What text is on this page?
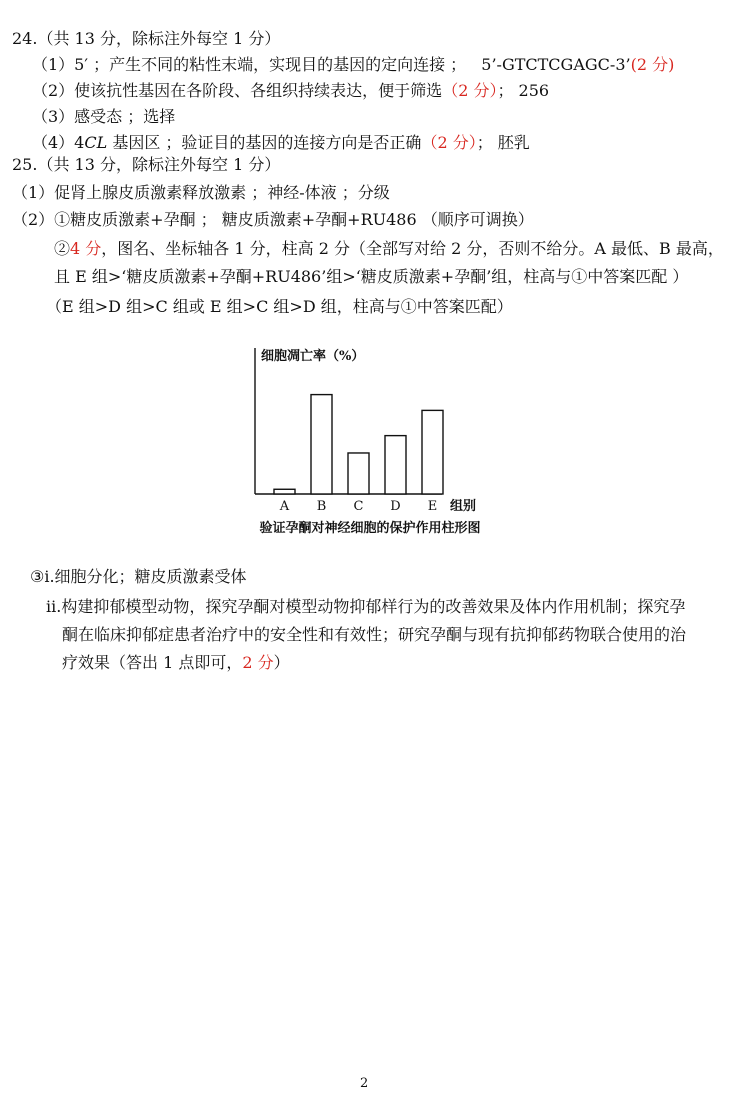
24.（共 13 分，除标注外每空 1 分）
（1）5′ ；产生不同的粘性末端，实现目的基因的定向连接 ； 5’-GTCTCGAGC-3’(2 分)
（2）使该抗性基因在各阶段、各组织持续表达，便于筛选（2 分）； 256
（3）感受态 ；选择
（4）4CL 基因区 ；验证目的基因的连接方向是否正确（2 分）； 胚乳
25.（共 13 分，除标注外每空 1 分）
（1）促肾上腺皮质激素释放激素 ；神经-体液 ；分级
（2）①糖皮质激素+孕酮 ； 糖皮质激素+孕酮+RU486 （顺序可调换）
②4 分，图名、坐标轴各 1 分，柱高 2 分（全部写对给 2 分，否则不给分。A 最低、B 最高，
且 E 组>‘糖皮质激素+孕酮+RU486’组>‘糖皮质激素+孕酮’组，柱高与①中答案匹配 ）
（E 组>D 组>C 组或 E 组>C 组>D 组，柱高与①中答案匹配）
细胞凋亡率（%）
组别
验证孕酮对神经细胞的保护作用柱形图
A B C D E
③i.细胞分化；糖皮质激素受体
ii.构建抑郁模型动物，探究孕酮对模型动物抑郁样行为的改善效果及体内作用机制；探究孕
酮在临床抑郁症患者治疗中的安全性和有效性；研究孕酮与现有抗抑郁药物联合使用的治
疗效果（答出 1 点即可，2 分）
2
